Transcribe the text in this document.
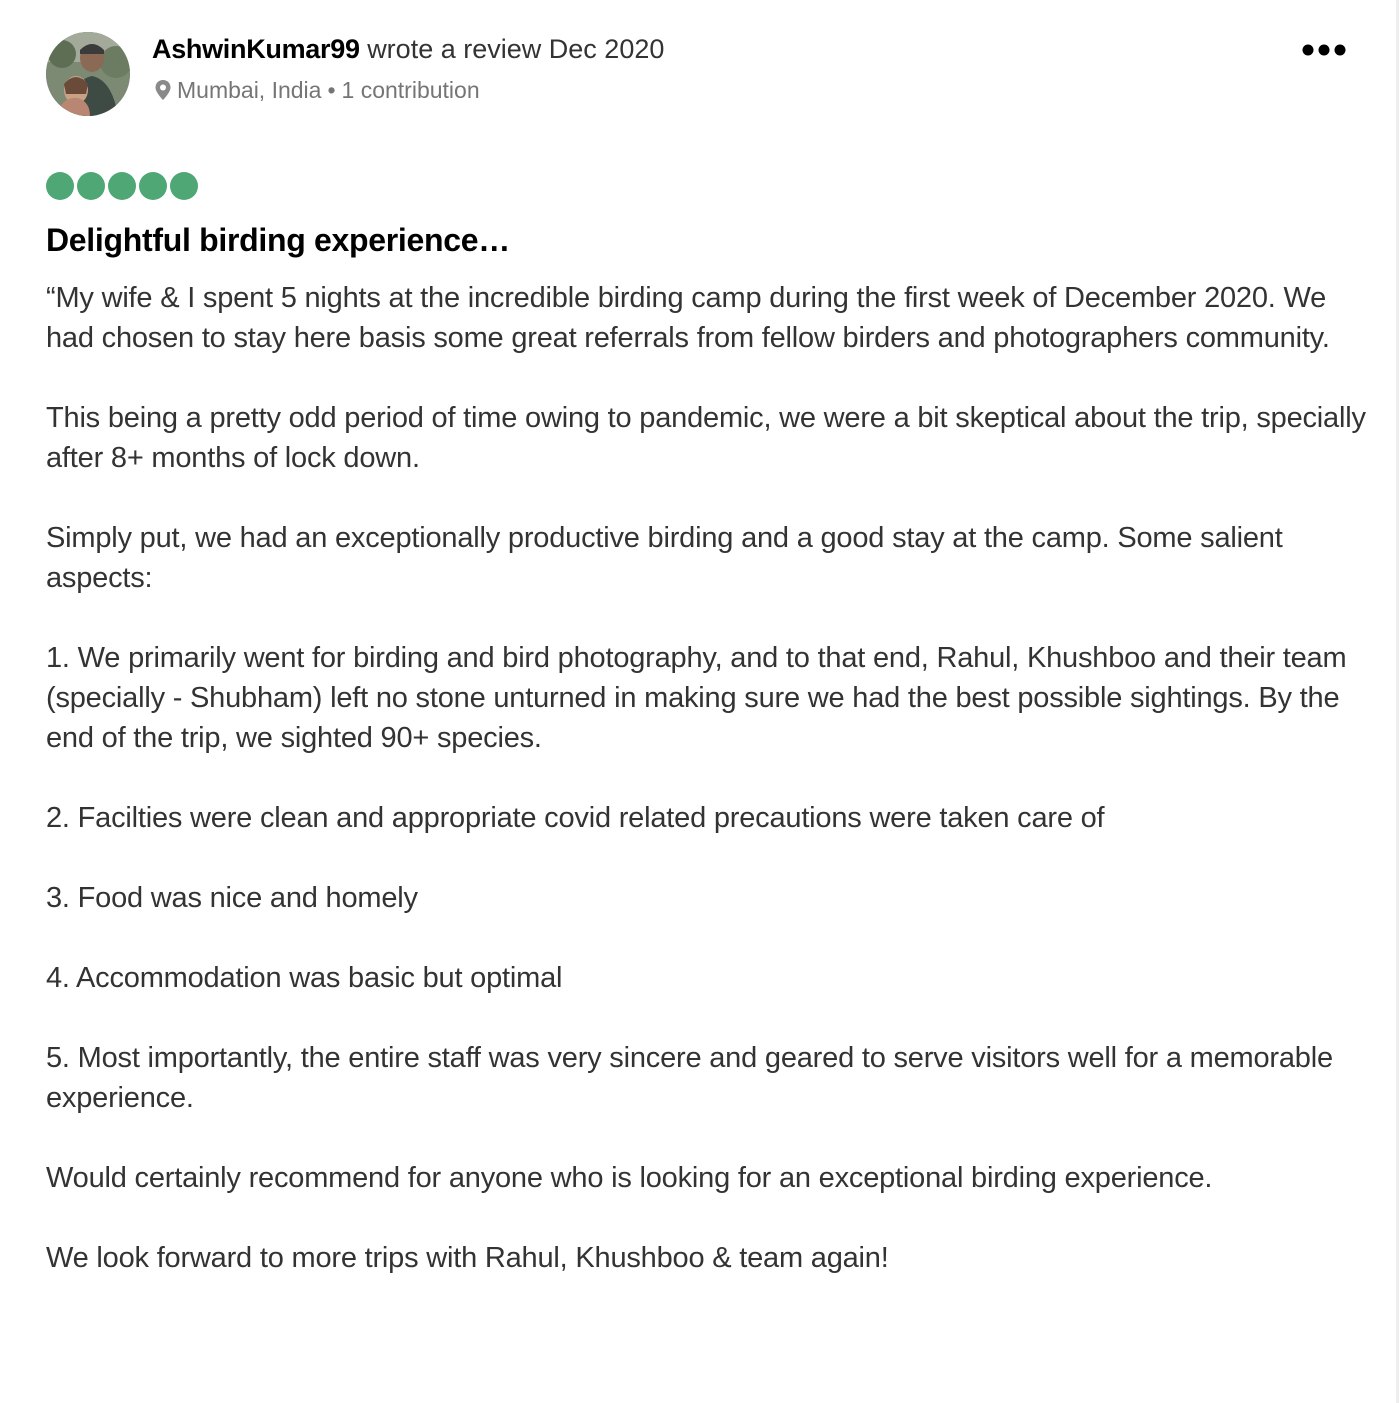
AshwinKumar99 wrote a review Dec 2020
Mumbai, India • 1 contribution
Delightful birding experience…

“My wife & I spent 5 nights at the incredible birding camp during the first week of December 2020. We had chosen to stay here basis some great referrals from fellow birders and photographers community.

This being a pretty odd period of time owing to pandemic, we were a bit skeptical about the trip, specially after 8+ months of lock down.

Simply put, we had an exceptionally productive birding and a good stay at the camp. Some salient aspects:

1. We primarily went for birding and bird photography, and to that end, Rahul, Khushboo and their team (specially - Shubham) left no stone unturned in making sure we had the best possible sightings. By the end of the trip, we sighted 90+ species.

2. Facilties were clean and appropriate covid related precautions were taken care of

3. Food was nice and homely

4. Accommodation was basic but optimal

5. Most importantly, the entire staff was very sincere and geared to serve visitors well for a memorable experience.

Would certainly recommend for anyone who is looking for an exceptional birding experience.

We look forward to more trips with Rahul, Khushboo & team again!
